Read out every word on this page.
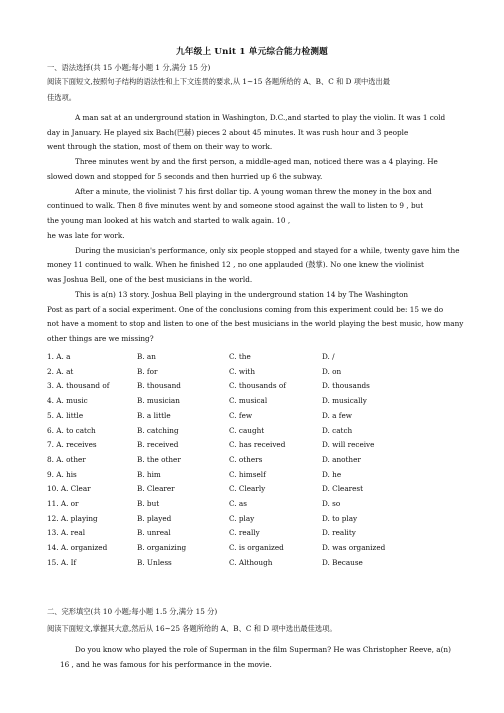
九年级上 Unit 1 单元综合能力检测题
一、语法选择(共 15 小题;每小题 1 分,满分 15 分)
阅读下面短文,按照句子结构的语法性和上下文连贯的要求,从 1~15 各题所给的 A、B、C 和 D 项中选出最
佳选项。
A man sat at an underground station in Washington, D.C.,and started to play the violin. It was 1 cold
day in January. He played six Bach(巴赫) pieces 2 about 45 minutes. It was rush hour and 3 people
went through the station, most of them on their way to work.
Three minutes went by and the first person, a middle-aged man, noticed there was a 4 playing. He
slowed down and stopped for 5 seconds and then hurried up 6 the subway.
After a minute, the violinist 7 his first dollar tip. A young woman threw the money in the box and
continued to walk. Then 8 five minutes went by and someone stood against the wall to listen to 9 , but
the young man looked at his watch and started to walk again. 10 ,
he was late for work.
During the musician's performance, only six people stopped and stayed for a while, twenty gave him the
money 11 continued to walk. When he finished 12 , no one applauded (鼓掌). No one knew the violinist
was Joshua Bell, one of the best musicians in the world.
This is a(n) 13 story. Joshua Bell playing in the underground station 14 by The Washington
Post as part of a social experiment. One of the conclusions coming from this experiment could be: 15 we do
not have a moment to stop and listen to one of the best musicians in the world playing the best music, how many
other things are we missing?
1. A. a	B. an	C. the	D. /
2. A. at	B. for	C. with	D. on
3. A. thousand of	B. thousand	C. thousands of	D. thousands
4. A. music	B. musician	C. musical	D. musically
5. A. little	B. a little	C. few	D. a few
6. A. to catch	B. catching	C. caught	D. catch
7. A. receives	B. received	C. has received	D. will receive
8. A. other	B. the other	C. others	D. another
9. A. his	B. him	C. himself	D. he
10. A. Clear	B. Clearer	C. Clearly	D. Clearest
11. A. or	B. but	C. as	D. so
12. A. playing	B. played	C. play	D. to play
13. A. real	B. unreal	C. really	D. reality
14. A. organized	B. organizing	C. is organized	D. was organized
15. A. If	B. Unless	C. Although	D. Because
二、完形填空(共 10 小题;每小题 1.5 分,满分 15 分)
阅读下面短文,掌握其大意,然后从 16~25 各题所给的 A、B、C 和 D 项中选出最佳选项。
Do you know who played the role of Superman in the film Superman? He was Christopher Reeve, a(n)
16 , and he was famous for his performance in the movie.
